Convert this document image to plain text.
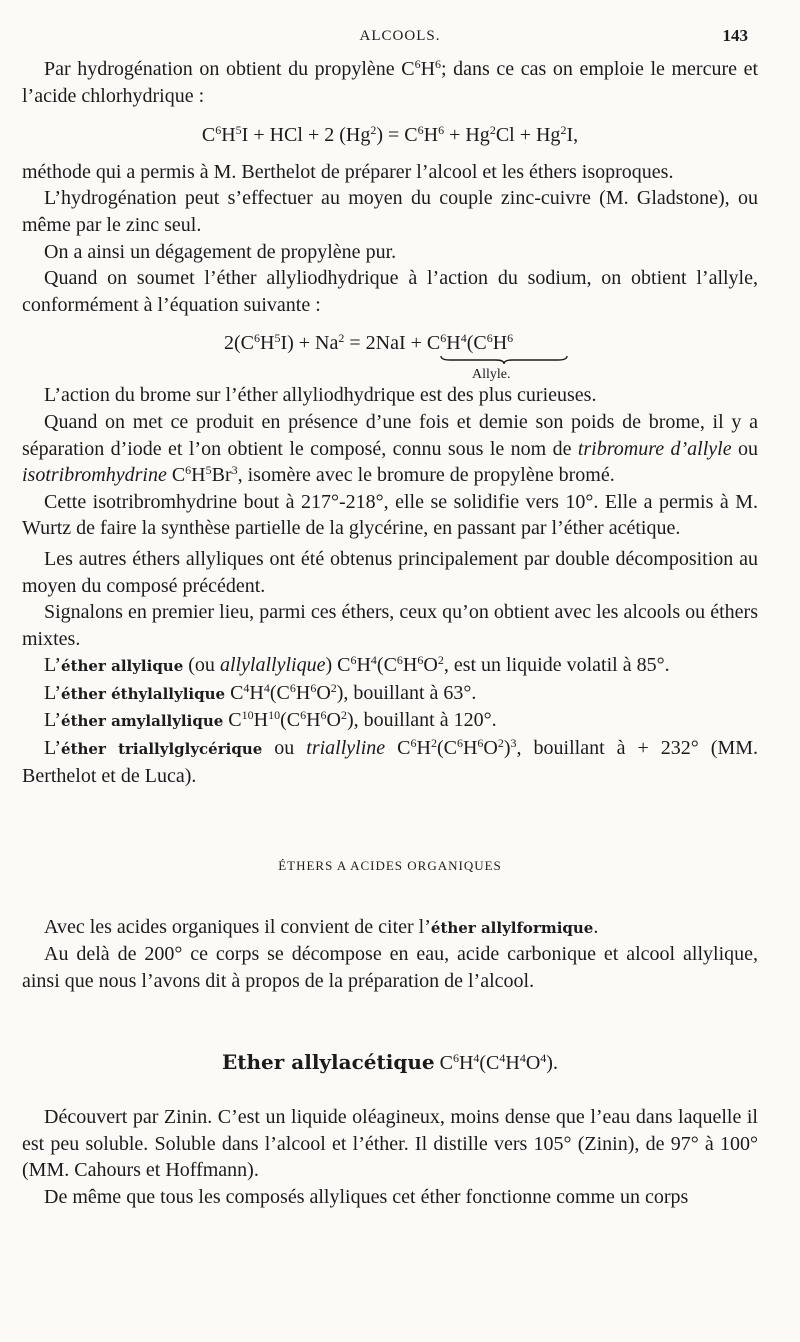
ALCOOLS.	143

Par hydrogénation on obtient du propylène $C^6H^6$; dans ce cas on emploie le mercure et l’acide chlorhydrique :

$C^6H^5I$ + HCl + 2 $(Hg^2) = C^6H^6 + Hg^2Cl + Hg^2I$,

méthode qui a permis à M. Berthelot de préparer l’alcool et les éthers isoproques.

L’hydrogénation peut s’effectuer au moyen du couple zinc-cuivre (M. Gladstone), ou même par le zinc seul.

On a ainsi un dégagement de propylène pur.

Quand on soumet l’éther allyliodhydrique à l’action du sodium, on obtient l’allyle, conformément à l’équation suivante :

$2(C^6H^5I) + Na^2 = 2NaI + C^6H^4(C^6H^6$
Allyle.

L’action du brome sur l’éther allyliodhydrique est des plus curieuses.

Quand on met ce produit en présence d’une fois et demie son poids de brome, il y a séparation d’iode et l’on obtient le composé, connu sous le nom de tribromure d’allyle ou isotribromhydrine $C^6H^5Br^3$, isomère avec le bromure de propylène bromé.

Cette isotribromhydrine bout à 217°-218°, elle se solidifie vers 10°. Elle a permis à M. Wurtz de faire la synthèse partielle de la glycérine, en passant par l’éther acétique.

Les autres éthers allyliques ont été obtenus principalement par double décomposition au moyen du composé précédent.

Signalons en premier lieu, parmi ces éthers, ceux qu’on obtient avec les alcools ou éthers mixtes.

L’éther allylique (ou allylallylique) $C^6H^4(C^6H^6O^2$, est un liquide volatil à 85°.

L’éther éthylallylique $C^4H^4(C^6H^6O^2)$, bouillant à 63°.

L’éther amylallylique $C^{10}H^{10}(C^6H^6O^2)$, bouillant à 120°.

L’éther triallylglycérique ou triallyline $C^6H^2(C^6H^6O^2)^3$, bouillant à + 232° (MM. Berthelot et de Luca).

ÉTHERS A ACIDES ORGANIQUES

Avec les acides organiques il convient de citer l’éther allylformique.

Au delà de 200° ce corps se décompose en eau, acide carbonique et alcool allylique, ainsi que nous l’avons dit à propos de la préparation de l’alcool.

Ether allylacétique $C^6H^4(C^4H^4O^4)$.

Découvert par Zinin. C’est un liquide oléagineux, moins dense que l’eau dans laquelle il est peu soluble. Soluble dans l’alcool et l’éther. Il distille vers 105° (Zinin), de 97° à 100° (MM. Cahours et Hoffmann).

De même que tous les composés allyliques cet éther fonctionne comme un corps
